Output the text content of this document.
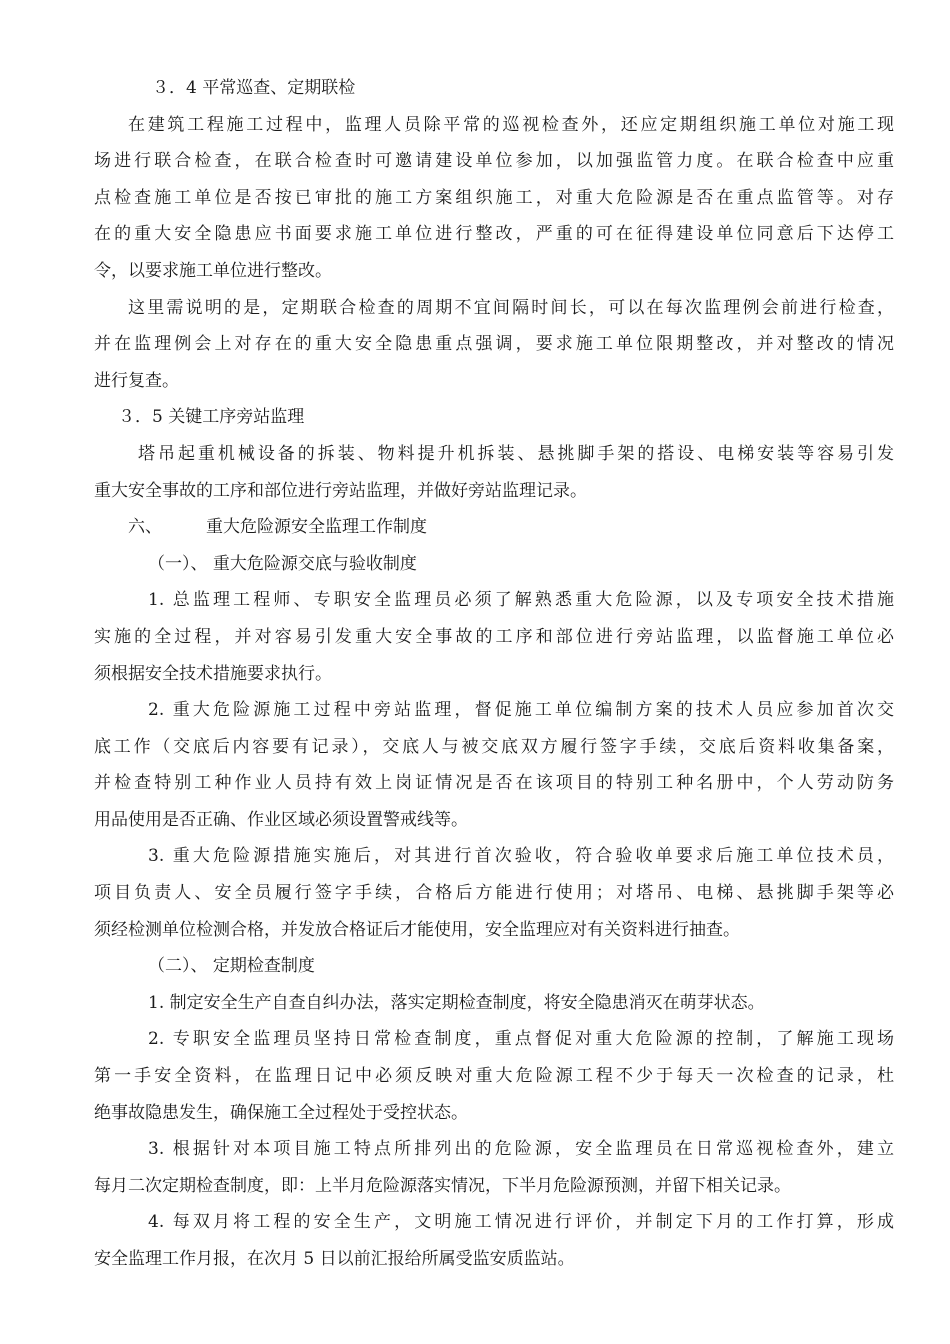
３．4 平常巡查、定期联检
在建筑工程施工过程中，监理人员除平常的巡视检查外，还应定期组织施工单位对施工现
场进行联合检查，在联合检查时可邀请建设单位参加，以加强监管力度。在联合检查中应重
点检查施工单位是否按已审批的施工方案组织施工，对重大危险源是否在重点监管等。对存
在的重大安全隐患应书面要求施工单位进行整改，严重的可在征得建设单位同意后下达停工
令，以要求施工单位进行整改。
这里需说明的是，定期联合检查的周期不宜间隔时间长，可以在每次监理例会前进行检查，
并在监理例会上对存在的重大安全隐患重点强调，要求施工单位限期整改，并对整改的情况
进行复查。
３．5 关键工序旁站监理
塔吊起重机械设备的拆装、物料提升机拆装、悬挑脚手架的搭设、电梯安装等容易引发
重大安全事故的工序和部位进行旁站监理，并做好旁站监理记录。
六、	重大危险源安全监理工作制度
（一）、 重大危险源交底与验收制度
1. 总监理工程师、专职安全监理员必须了解熟悉重大危险源，以及专项安全技术措施
实施的全过程，并对容易引发重大安全事故的工序和部位进行旁站监理，以监督施工单位必
须根据安全技术措施要求执行。
2. 重大危险源施工过程中旁站监理，督促施工单位编制方案的技术人员应参加首次交
底工作（交底后内容要有记录），交底人与被交底双方履行签字手续，交底后资料收集备案，
并检查特别工种作业人员持有效上岗证情况是否在该项目的特别工种名册中，个人劳动防务
用品使用是否正确、作业区域必须设置警戒线等。
3. 重大危险源措施实施后，对其进行首次验收，符合验收单要求后施工单位技术员，
项目负责人、安全员履行签字手续，合格后方能进行使用；对塔吊、电梯、悬挑脚手架等必
须经检测单位检测合格，并发放合格证后才能使用，安全监理应对有关资料进行抽查。
（二）、 定期检查制度
1. 制定安全生产自查自纠办法，落实定期检查制度，将安全隐患消灭在萌芽状态。
2. 专职安全监理员坚持日常检查制度，重点督促对重大危险源的控制，了解施工现场
第一手安全资料，在监理日记中必须反映对重大危险源工程不少于每天一次检查的记录，杜
绝事故隐患发生，确保施工全过程处于受控状态。
3. 根据针对本项目施工特点所排列出的危险源，安全监理员在日常巡视检查外，建立
每月二次定期检查制度，即：上半月危险源落实情况，下半月危险源预测，并留下相关记录。
4. 每双月将工程的安全生产，文明施工情况进行评价，并制定下月的工作打算，形成
安全监理工作月报，在次月 5 日以前汇报给所属受监安质监站。
